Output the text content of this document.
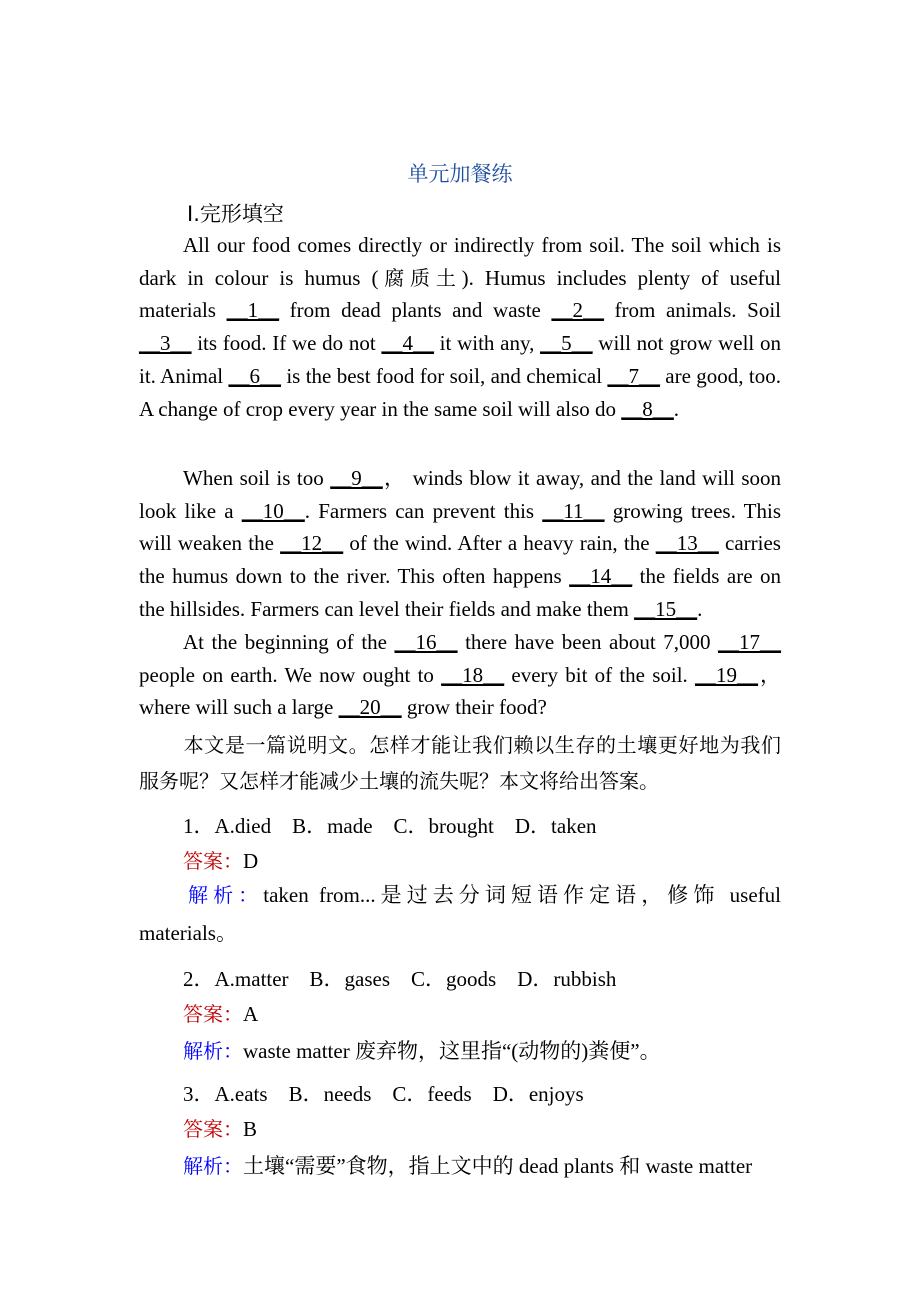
单元加餐练
Ⅰ.完形填空
All our food comes directly or indirectly from soil. The soil which is dark in colour is humus (腐质土). Humus includes plenty of useful materials __1__ from dead plants and waste __2__ from animals. Soil __3__ its food. If we do not __4__ it with any, __5__ will not grow well on it. Animal __6__ is the best food for soil, and chemical __7__ are good, too. A change of crop every year in the same soil will also do __8__.
When soil is too __9__， winds blow it away, and the land will soon look like a __10__. Farmers can prevent this __11__ growing trees. This will weaken the __12__ of the wind. After a heavy rain, the __13__ carries the humus down to the river. This often happens __14__ the fields are on the hillsides. Farmers can level their fields and make them __15__.
At the beginning of the __16__ there have been about 7,000 __17__ people on earth. We now ought to __18__ every bit of the soil. __19__，where will such a large __20__ grow their food?
本文是一篇说明文。怎样才能让我们赖以生存的土壤更好地为我们服务呢？又怎样才能减少土壤的流失呢？本文将给出答案。
1．A.died　B．made　C．brought　D．taken
答案：D
解析：taken from...是过去分词短语作定语，修饰 useful materials。
2．A.matter　B．gases　C．goods　D．rubbish
答案：A
解析：waste matter 废弃物，这里指“(动物的)粪便”。
3．A.eats　B．needs　C．feeds　D．enjoys
答案：B
解析：土壤“需要”食物，指上文中的 dead plants 和 waste matter
